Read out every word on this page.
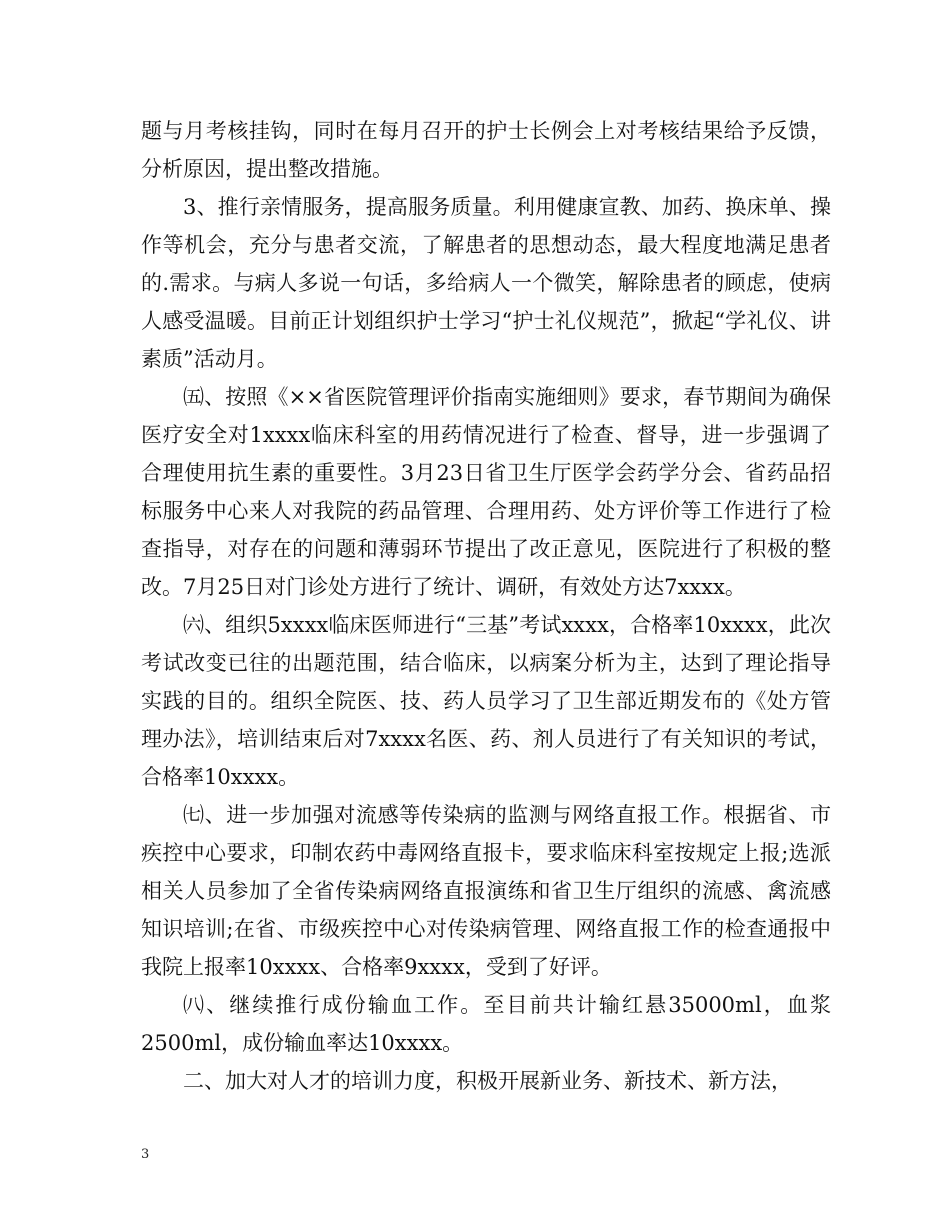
题与月考核挂钩，同时在每月召开的护士长例会上对考核结果给予反馈，分析原因，提出整改措施。

3、推行亲情服务，提高服务质量。利用健康宣教、加药、换床单、操作等机会，充分与患者交流，了解患者的思想动态，最大程度地满足患者的.需求。与病人多说一句话，多给病人一个微笑，解除患者的顾虑，使病人感受温暖。目前正计划组织护士学习“护士礼仪规范”，掀起“学礼仪、讲素质”活动月。

㈤、按照《××省医院管理评价指南实施细则》要求，春节期间为确保医疗安全对1xxxx临床科室的用药情况进行了检查、督导，进一步强调了合理使用抗生素的重要性。3月23日省卫生厅医学会药学分会、省药品招标服务中心来人对我院的药品管理、合理用药、处方评价等工作进行了检查指导，对存在的问题和薄弱环节提出了改正意见，医院进行了积极的整改。7月25日对门诊处方进行了统计、调研，有效处方达7xxxx。

㈥、组织5xxxx临床医师进行“三基”考试xxxx，合格率10xxxx，此次考试改变已往的出题范围，结合临床，以病案分析为主，达到了理论指导实践的目的。组织全院医、技、药人员学习了卫生部近期发布的《处方管理办法》，培训结束后对7xxxx名医、药、剂人员进行了有关知识的考试，合格率10xxxx。

㈦、进一步加强对流感等传染病的监测与网络直报工作。根据省、市疾控中心要求，印制农药中毒网络直报卡，要求临床科室按规定上报;选派相关人员参加了全省传染病网络直报演练和省卫生厅组织的流感、禽流感知识培训;在省、市级疾控中心对传染病管理、网络直报工作的检查通报中我院上报率10xxxx、合格率9xxxx，受到了好评。

㈧、继续推行成份输血工作。至目前共计输红悬35000ml，血浆2500ml，成份输血率达10xxxx。

二、加大对人才的培训力度，积极开展新业务、新技术、新方法，

3
